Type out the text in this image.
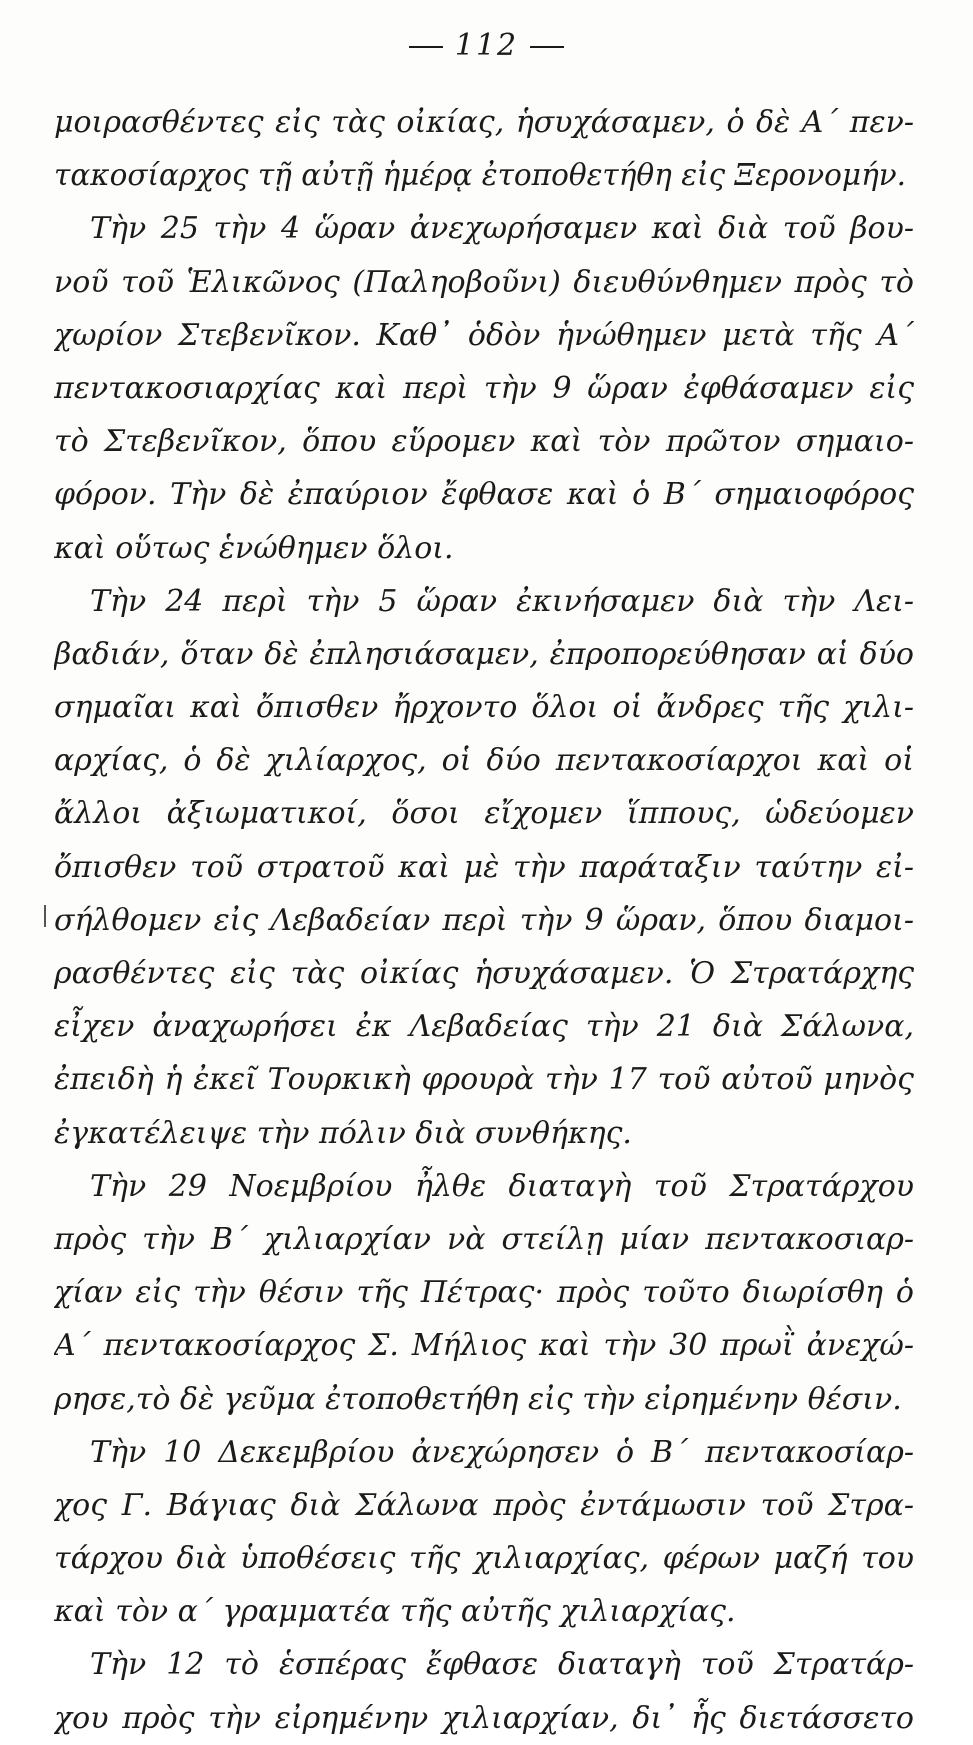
112
μοιρασθέντες εἰς τὰς οἰκίας, ἡσυχάσαμεν, ὁ δὲ Α΄ πεν-
τακοσίαρχος τῇ αὐτῇ ἡμέρᾳ ἐτοποθετήθη εἰς Ξερονομήν.
Τὴν 25 τὴν 4 ὥραν ἀνεχωρήσαμεν καὶ διὰ τοῦ βου-
νοῦ τοῦ Ἑλικῶνος (Παληοβοῦνι) διευθύνθημεν πρὸς τὸ
χωρίον Στεβενῖκον. Καθ᾽ ὁδὸν ἡνώθημεν μετὰ τῆς Α΄
πεντακοσιαρχίας καὶ περὶ τὴν 9 ὥραν ἐφθάσαμεν εἰς
τὸ Στεβενῖκον, ὅπου εὕρομεν καὶ τὸν πρῶτον σημαιο-
φόρον. Τὴν δὲ ἐπαύριον ἔφθασε καὶ ὁ Β΄ σημαιοφόρος
καὶ οὕτως ἑνώθημεν ὅλοι.
Τὴν 24 περὶ τὴν 5 ὥραν ἐκινήσαμεν διὰ τὴν Λει-
βαδιάν, ὅταν δὲ ἐπλησιάσαμεν, ἐπροπορεύθησαν αἱ δύο
σημαῖαι καὶ ὄπισθεν ἤρχοντο ὅλοι οἱ ἄνδρες τῆς χιλι-
αρχίας, ὁ δὲ χιλίαρχος, οἱ δύο πεντακοσίαρχοι καὶ οἱ
ἄλλοι ἀξιωματικοί, ὅσοι εἴχομεν ἵππους, ὡδεύομεν
ὄπισθεν τοῦ στρατοῦ καὶ μὲ τὴν παράταξιν ταύτην εἰ-
σήλθομεν εἰς Λεβαδείαν περὶ τὴν 9 ὥραν, ὅπου διαμοι-
ρασθέντες εἰς τὰς οἰκίας ἡσυχάσαμεν. Ὁ Στρατάρχης
εἶχεν ἀναχωρήσει ἐκ Λεβαδείας τὴν 21 διὰ Σάλωνα,
ἐπειδὴ ἡ ἐκεῖ Τουρκικὴ φρουρὰ τὴν 17 τοῦ αὐτοῦ μηνὸς
ἐγκατέλειψε τὴν πόλιν διὰ συνθήκης.
Τὴν 29 Νοεμβρίου ἦλθε διαταγὴ τοῦ Στρατάρχου
πρὸς τὴν Β΄ χιλιαρχίαν νὰ στείλῃ μίαν πεντακοσιαρ-
χίαν εἰς τὴν θέσιν τῆς Πέτρας· πρὸς τοῦτο διωρίσθη ὁ
Α΄ πεντακοσίαρχος Σ. Μήλιος καὶ τὴν 30 πρωῒ ἀνεχώ-
ρησε,τὸ δὲ γεῦμα ἐτοποθετήθη εἰς τὴν εἰρημένην θέσιν.
Τὴν 10 Δεκεμβρίου ἀνεχώρησεν ὁ Β΄ πεντακοσίαρ-
χος Γ. Βάγιας διὰ Σάλωνα πρὸς ἐντάμωσιν τοῦ Στρα-
τάρχου διὰ ὑποθέσεις τῆς χιλιαρχίας, φέρων μαζή του
καὶ τὸν α΄ γραμματέα τῆς αὐτῆς χιλιαρχίας.
Τὴν 12 τὸ ἑσπέρας ἔφθασε διαταγὴ τοῦ Στρατάρ-
χου πρὸς τὴν εἰρημένην χιλιαρχίαν, δι᾽ ἧς διετάσσετο
